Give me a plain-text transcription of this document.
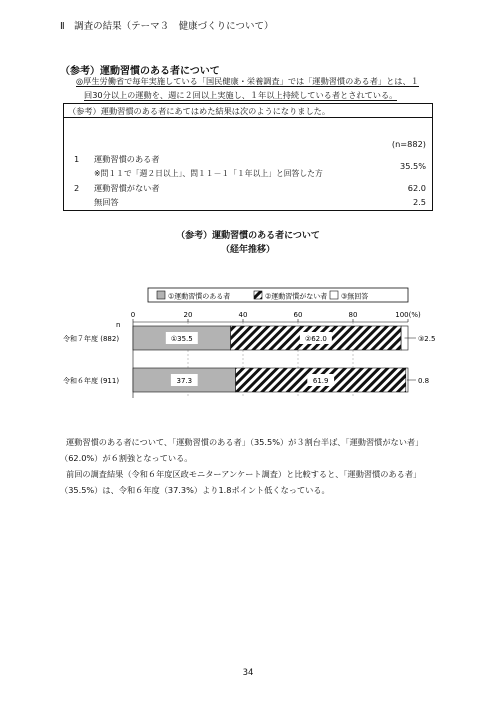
Ⅱ　調査の結果（テーマ３　健康づくりについて）
（参考）運動習慣のある者について
◎厚生労働省で毎年実施している「国民健康・栄養調査」では「運動習慣のある者」とは、１
回30分以上の運動を、週に２回以上実施し、１年以上持続している者とされている。
（参考）運動習慣のある者にあてはめた結果は次のようになりました。
(n=882)
1 運動習慣のある者
※問１１で「週２日以上」、問１１－１「１年以上」と回答した方
35.5%
2 運動習慣がない者	62.0
無回答	2.5
（参考）運動習慣のある者について
（経年推移）
①運動習慣のある者	②運動習慣がない者 ③無回答
0	20	40	60	80	100(%)
n
令和７年度 (882)	①35.5	②62.0	③2.5
令和６年度 (911)	37.3	61.9	0.8
運動習慣のある者について、「運動習慣のある者」（35.5%）が３割台半ば、「運動習慣がない者」
（62.0%）が６割強となっている。
前回の調査結果（令和６年度区政モニターアンケート調査）と比較すると、「運動習慣のある者」
（35.5%）は、令和６年度（37.3%）より1.8ポイント低くなっている。
34
